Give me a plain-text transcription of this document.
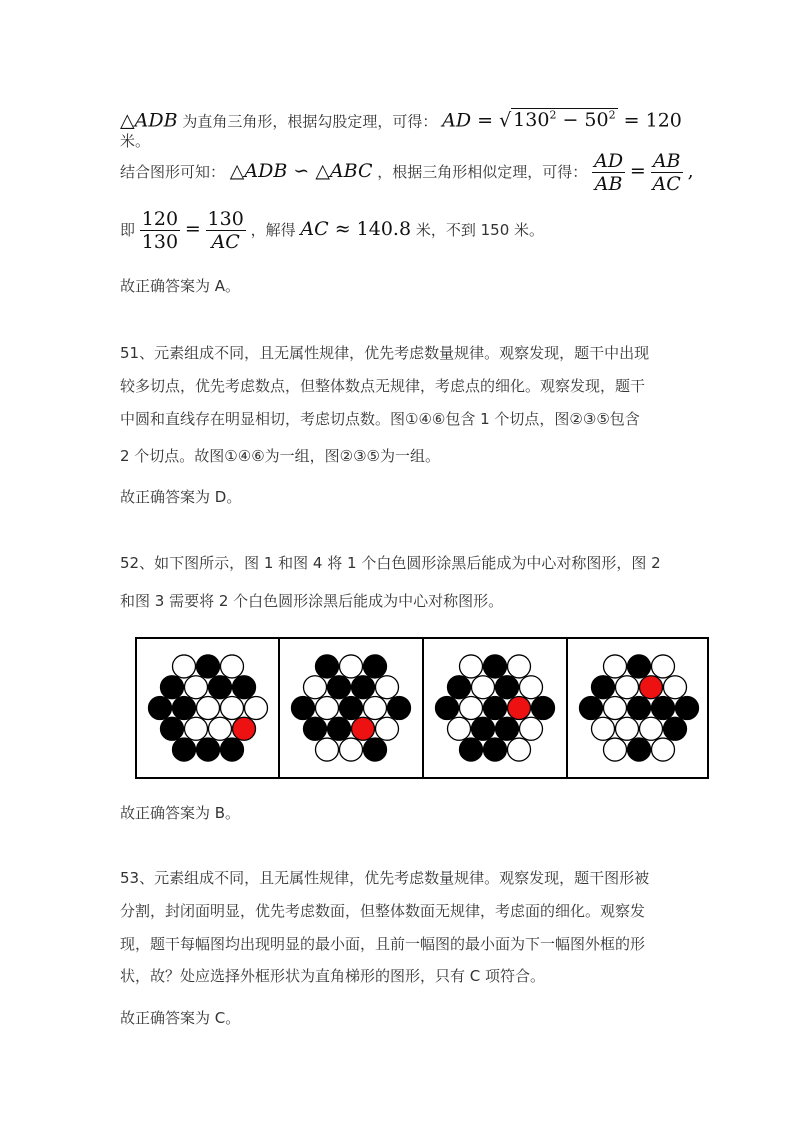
△ADB 为直角三角形，根据勾股定理，可得： AD = √ $130^2 - 50^2 = 120$ 米。
结合图形可知： △ADB ∽ △ABC ，根据三角形相似定理，可得： $\frac{AD}{AB} = \frac{AB}{AC}$ ,
即 $\frac{120}{130} = \frac{130}{AC}$ ，解得 AC ≈ 140.8 米，不到 150 米。
故正确答案为 A。
51、元素组成不同，且无属性规律，优先考虑数量规律。观察发现，题干中出现
较多切点，优先考虑数点，但整体数点无规律，考虑点的细化。观察发现，题干
中圆和直线存在明显相切，考虑切点数。图①④⑥包含 1 个切点，图②③⑤包含
2 个切点。故图①④⑥为一组，图②③⑤为一组。
故正确答案为 D。
52、如下图所示，图 1 和图 4 将 1 个白色圆形涂黑后能成为中心对称图形，图 2
和图 3 需要将 2 个白色圆形涂黑后能成为中心对称图形。
故正确答案为 B。
53、元素组成不同，且无属性规律，优先考虑数量规律。观察发现，题干图形被
分割，封闭面明显，优先考虑数面，但整体数面无规律，考虑面的细化。观察发
现，题干每幅图均出现明显的最小面，且前一幅图的最小面为下一幅图外框的形
状，故？处应选择外框形状为直角梯形的图形，只有 C 项符合。
故正确答案为 C。
